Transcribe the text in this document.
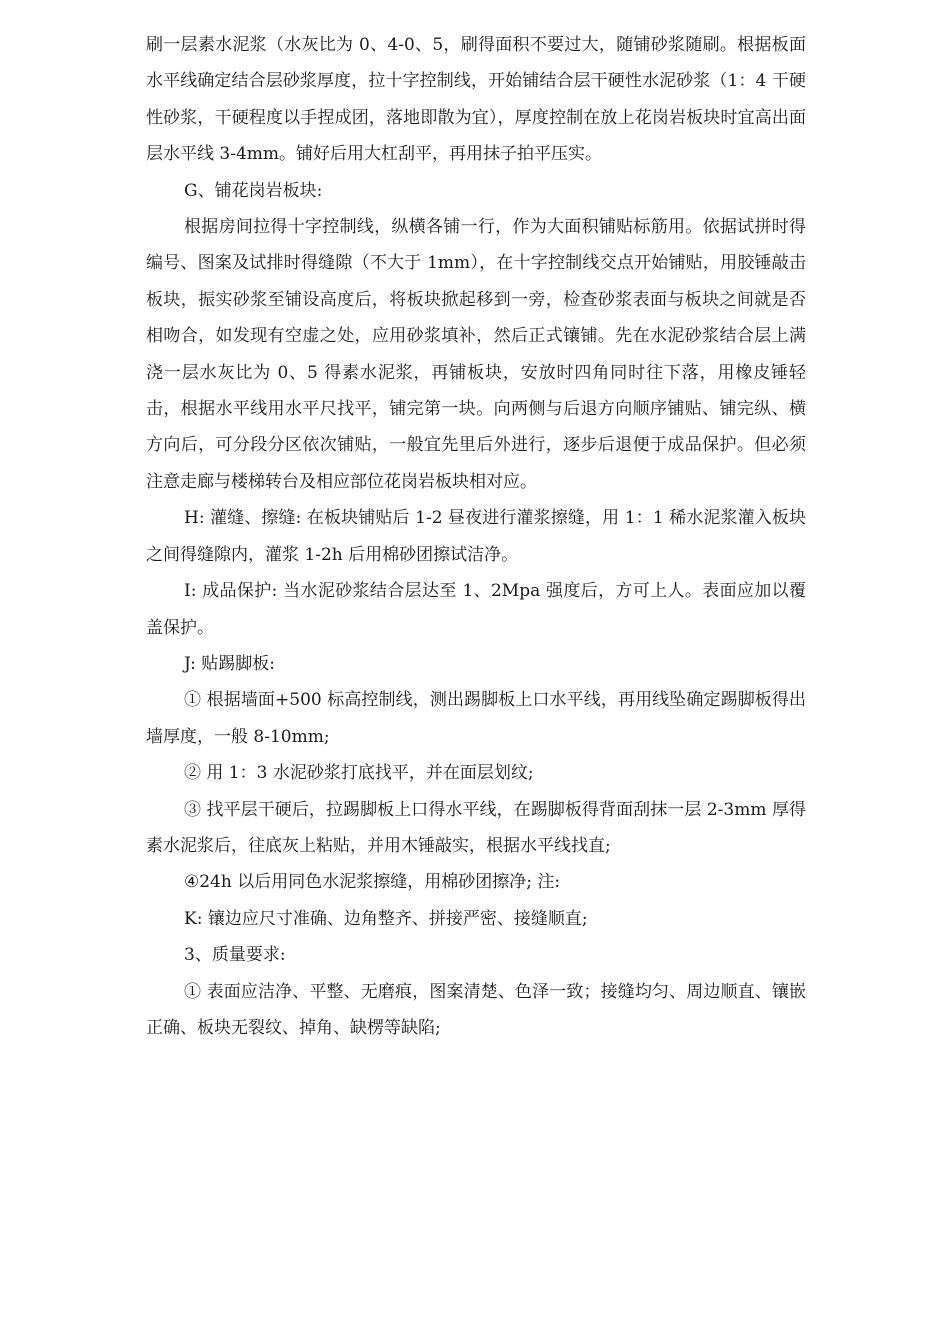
刷一层素水泥浆（水灰比为 0、4-0、5，刷得面积不要过大，随铺砂浆随刷。根据板面水平线确定结合层砂浆厚度，拉十字控制线，开始铺结合层干硬性水泥砂浆（1：4 干硬性砂浆，干硬程度以手捏成团，落地即散为宜），厚度控制在放上花岗岩板块时宜高出面层水平线 3-4mm。铺好后用大杠刮平，再用抹子拍平压实。

G、铺花岗岩板块:

根据房间拉得十字控制线，纵横各铺一行，作为大面积铺贴标筋用。依据试拼时得编号、图案及试排时得缝隙（不大于 1mm），在十字控制线交点开始铺贴，用胶锤敲击板块，振实砂浆至铺设高度后，将板块掀起移到一旁，检查砂浆表面与板块之间就是否相吻合，如发现有空虚之处，应用砂浆填补，然后正式镶铺。先在水泥砂浆结合层上满浇一层水灰比为 0、5 得素水泥浆，再铺板块，安放时四角同时往下落，用橡皮锤轻击，根据水平线用水平尺找平，铺完第一块。向两侧与后退方向顺序铺贴、铺完纵、横方向后，可分段分区依次铺贴，一般宜先里后外进行，逐步后退便于成品保护。但必须注意走廊与楼梯转台及相应部位花岗岩板块相对应。

H: 灌缝、擦缝: 在板块铺贴后 1-2 昼夜进行灌浆擦缝，用 1：1 稀水泥浆灌入板块之间得缝隙内，灌浆 1-2h 后用棉砂团擦试洁净。

I: 成品保护: 当水泥砂浆结合层达至 1、2Mpa 强度后，方可上人。表面应加以覆盖保护。

J: 贴踢脚板:

① 根据墙面+500 标高控制线，测出踢脚板上口水平线，再用线坠确定踢脚板得出墙厚度，一般 8-10mm;

② 用 1：3 水泥砂浆打底找平，并在面层划纹;

③ 找平层干硬后，拉踢脚板上口得水平线，在踢脚板得背面刮抹一层 2-3mm 厚得素水泥浆后，往底灰上粘贴，并用木锤敲实，根据水平线找直;

④24h 以后用同色水泥浆擦缝，用棉砂团擦净; 注:

K: 镶边应尺寸准确、边角整齐、拼接严密、接缝顺直;

3、质量要求:

① 表面应洁净、平整、无磨痕，图案清楚、色泽一致；接缝均匀、周边顺直、镶嵌正确、板块无裂纹、掉角、缺楞等缺陷;
